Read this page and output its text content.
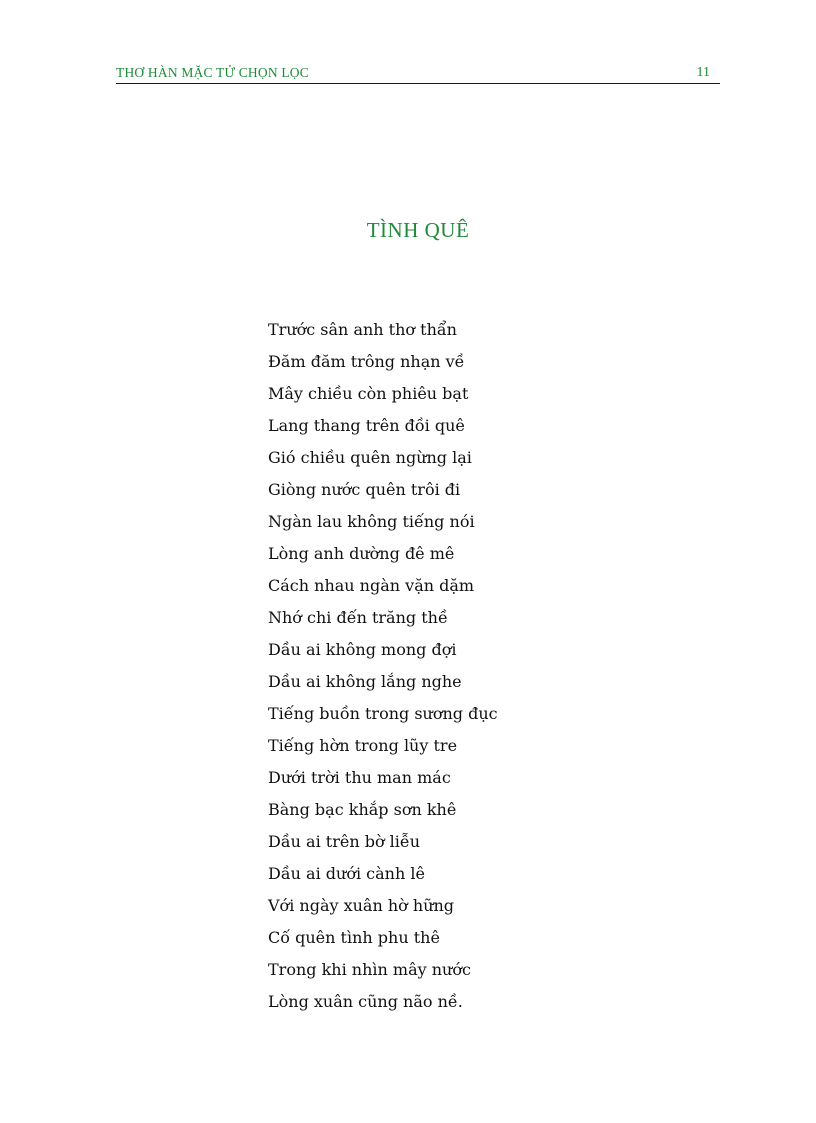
THƠ HÀN MẶC TỬ CHỌN LỌC	11
TÌNH QUÊ
Trước sân anh thơ thẩn
Đăm đăm trông nhạn về
Mây chiều còn phiêu bạt
Lang thang trên đồi quê
Gió chiều quên ngừng lại
Giòng nước quên trôi đi
Ngàn lau không tiếng nói
Lòng anh dường đê mê
Cách nhau ngàn vặn dặm
Nhớ chi đến trăng thề
Dầu ai không mong đợi
Dầu ai không lắng nghe
Tiếng buồn trong sương đục
Tiếng hờn trong lũy tre
Dưới trời thu man mác
Bàng bạc khắp sơn khê
Dầu ai trên bờ liễu
Dầu ai dưới cành lê
Với ngày xuân hờ hững
Cố quên tình phu thê
Trong khi nhìn mây nước
Lòng xuân cũng não nề.
